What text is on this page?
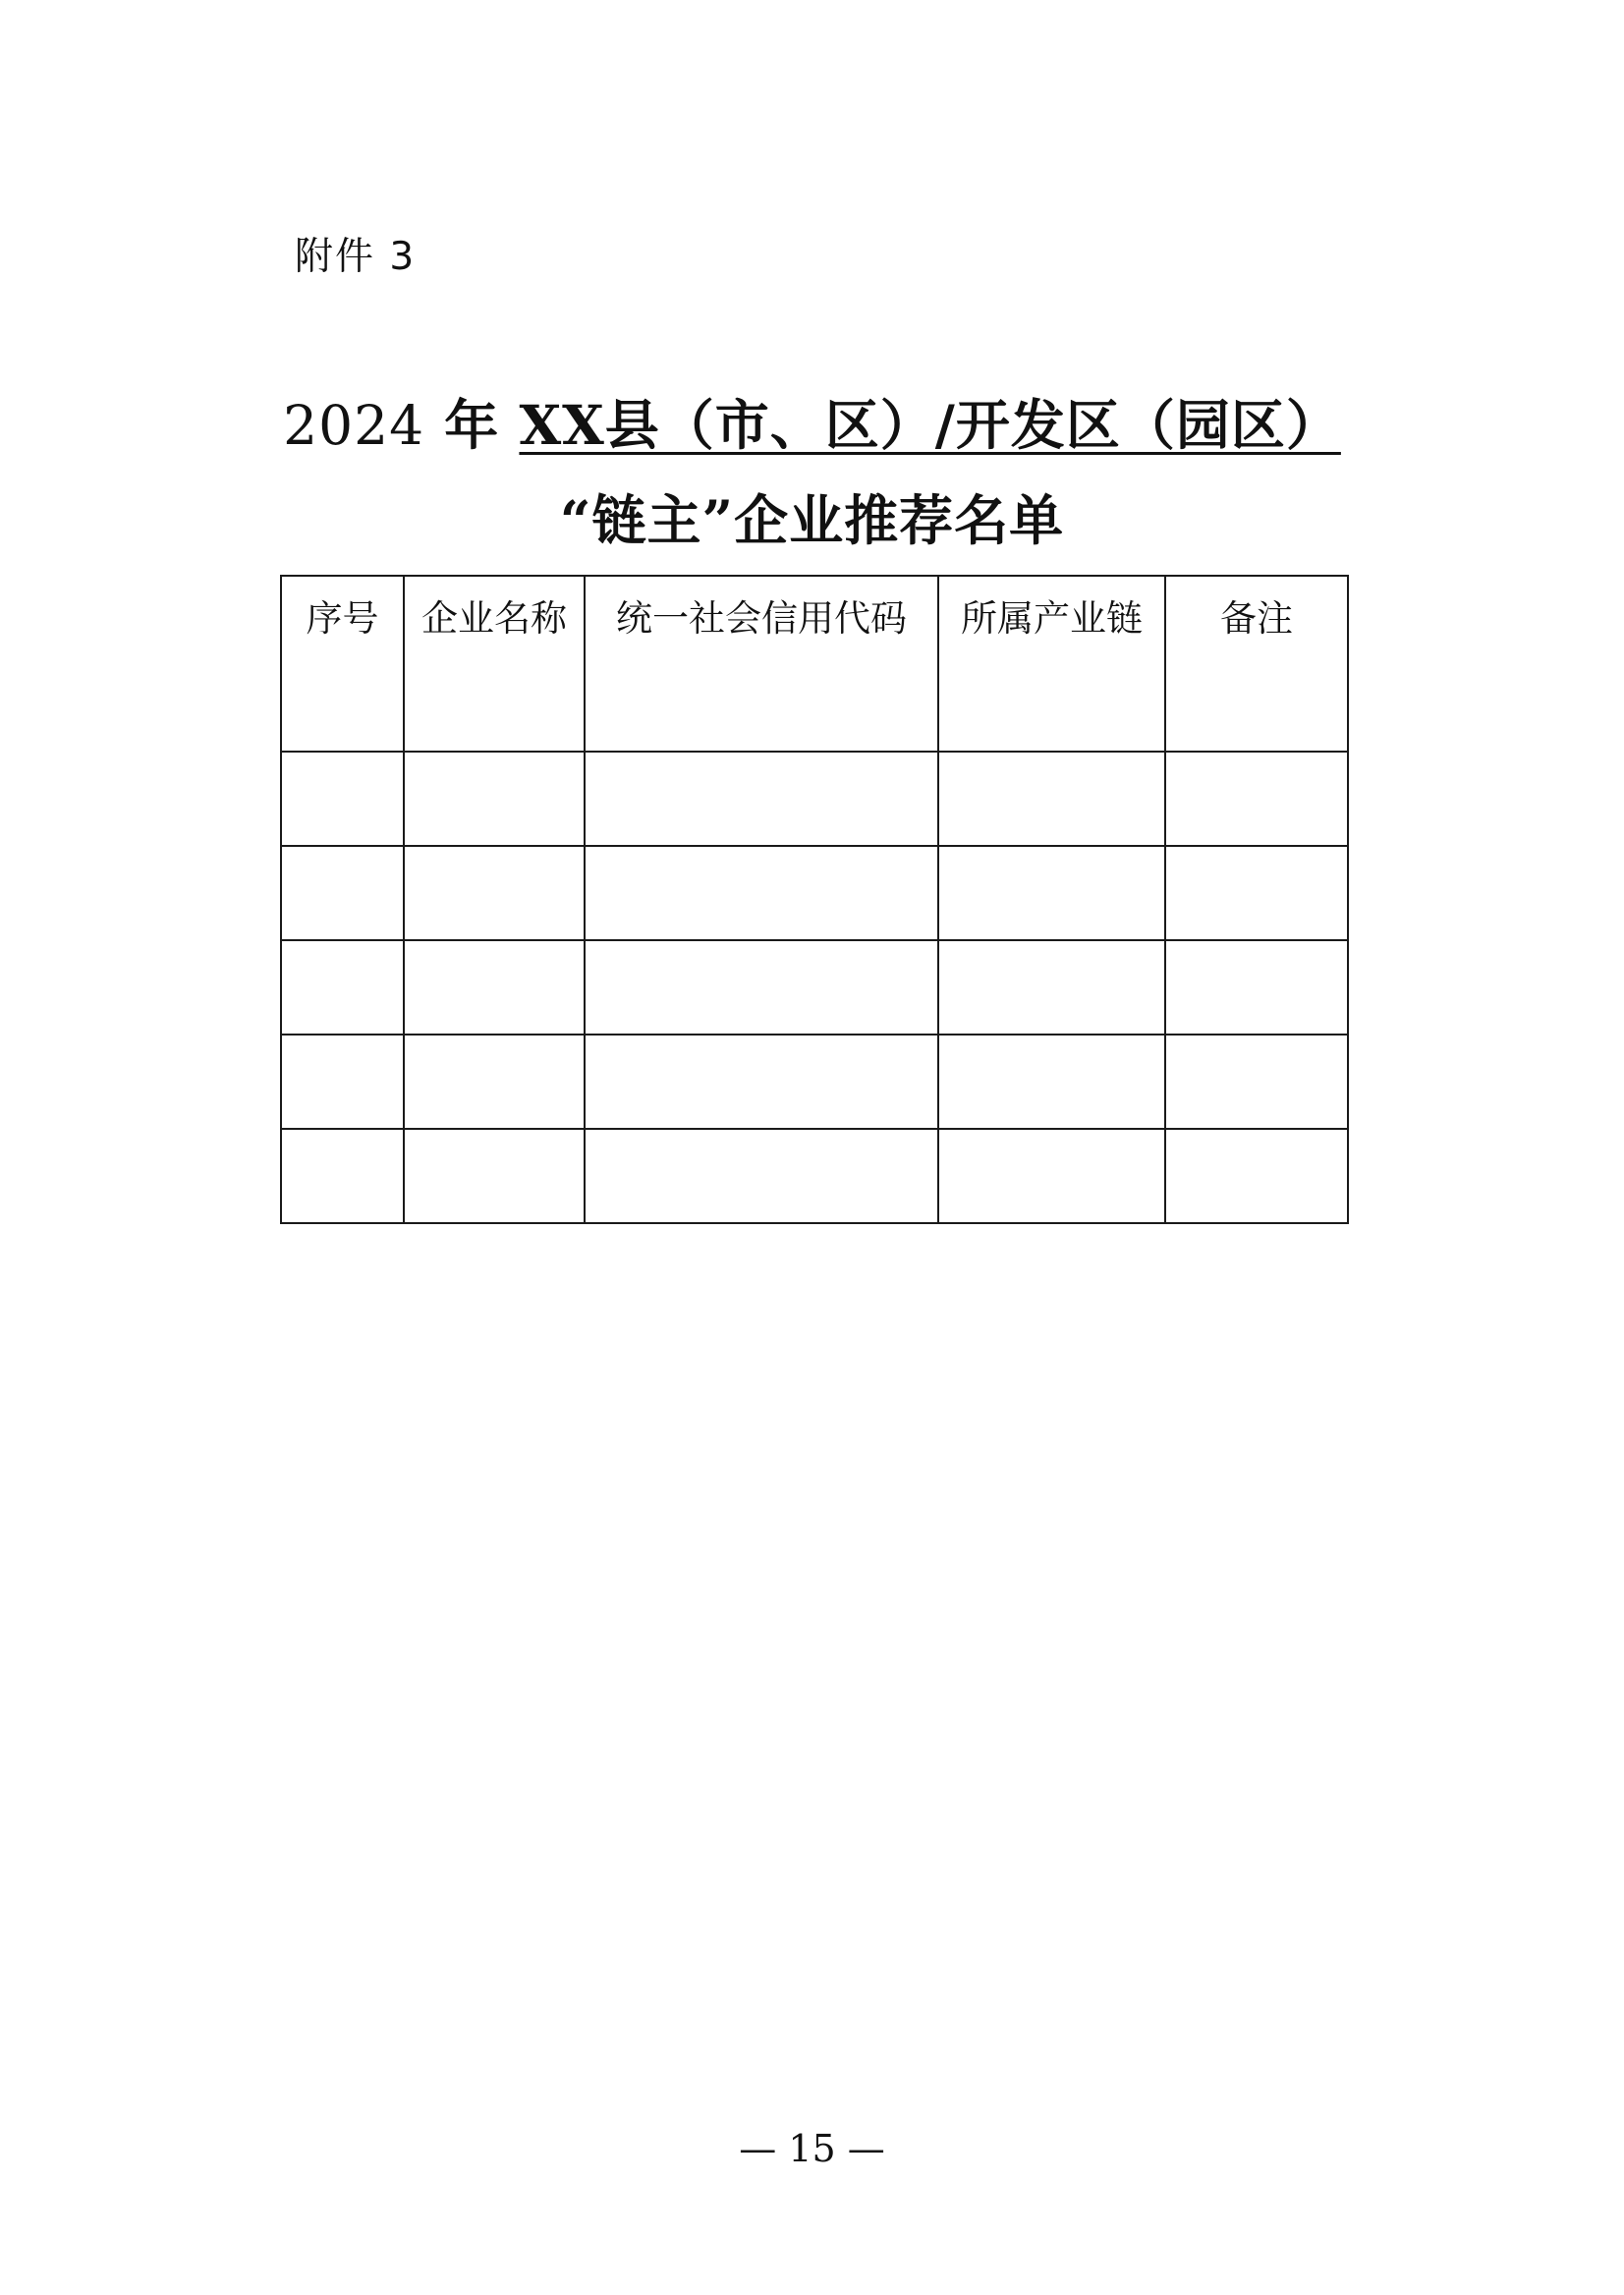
附件 3
2024 年 XX县（市、区）/开发区（园区）
“链主”企业推荐名单
序号	企业名称	统一社会信用代码	所属产业链	备注

— 15 —
